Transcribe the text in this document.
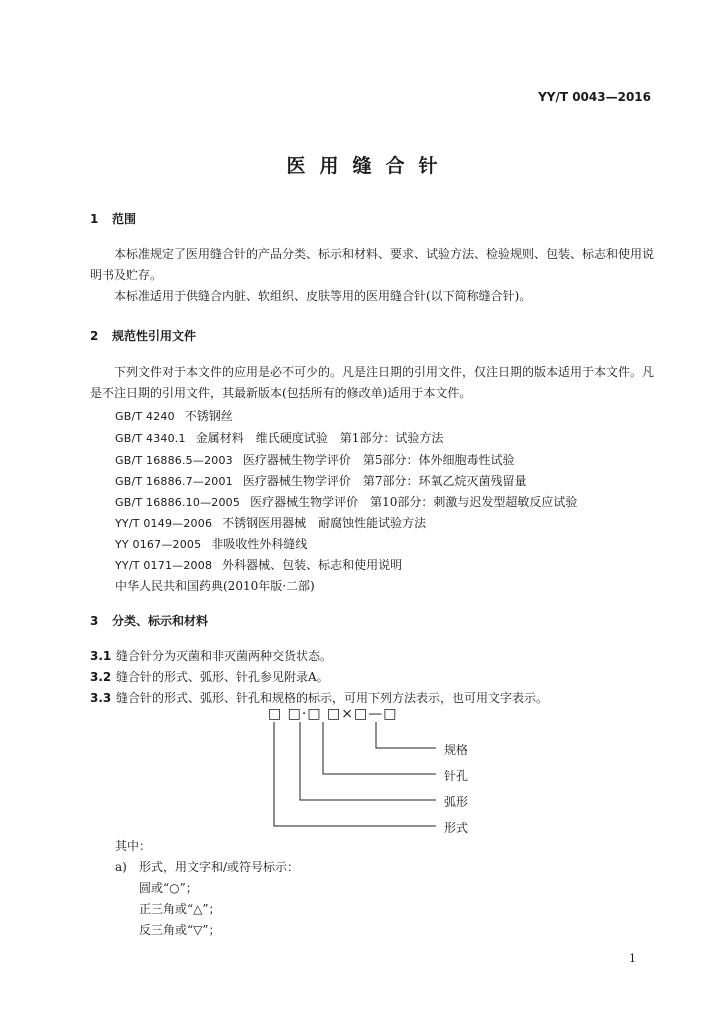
YY/T 0043—2016
医用缝合针
1 范围
本标准规定了医用缝合针的产品分类、标示和材料、要求、试验方法、检验规则、包装、标志和使用说明书及贮存。
本标准适用于供缝合内脏、软组织、皮肤等用的医用缝合针(以下简称缝合针)。
2 规范性引用文件
下列文件对于本文件的应用是必不可少的。凡是注日期的引用文件，仅注日期的版本适用于本文件。凡是不注日期的引用文件，其最新版本(包括所有的修改单)适用于本文件。
GB/T 4240 不锈钢丝
GB/T 4340.1 金属材料　维氏硬度试验　第1部分：试验方法
GB/T 16886.5—2003 医疗器械生物学评价　第5部分：体外细胞毒性试验
GB/T 16886.7—2001 医疗器械生物学评价　第7部分：环氧乙烷灭菌残留量
GB/T 16886.10—2005 医疗器械生物学评价　第10部分：刺激与迟发型超敏反应试验
YY/T 0149—2006 不锈钢医用器械　耐腐蚀性能试验方法
YY 0167—2005 非吸收性外科缝线
YY/T 0171—2008 外科器械、包装、标志和使用说明
中华人民共和国药典(2010年版·二部)
3 分类、标示和材料
3.1 缝合针分为灭菌和非灭菌两种交货状态。
3.2 缝合针的形式、弧形、针孔参见附录A。
3.3 缝合针的形式、弧形、针孔和规格的标示，可用下列方法表示，也可用文字表示。
□ □·□ □×□—□
规格
针孔
弧形
形式
其中：
a) 形式，用文字和/或符号标示：
圆或“○”；
正三角或“△”；
反三角或“▽”；
1
